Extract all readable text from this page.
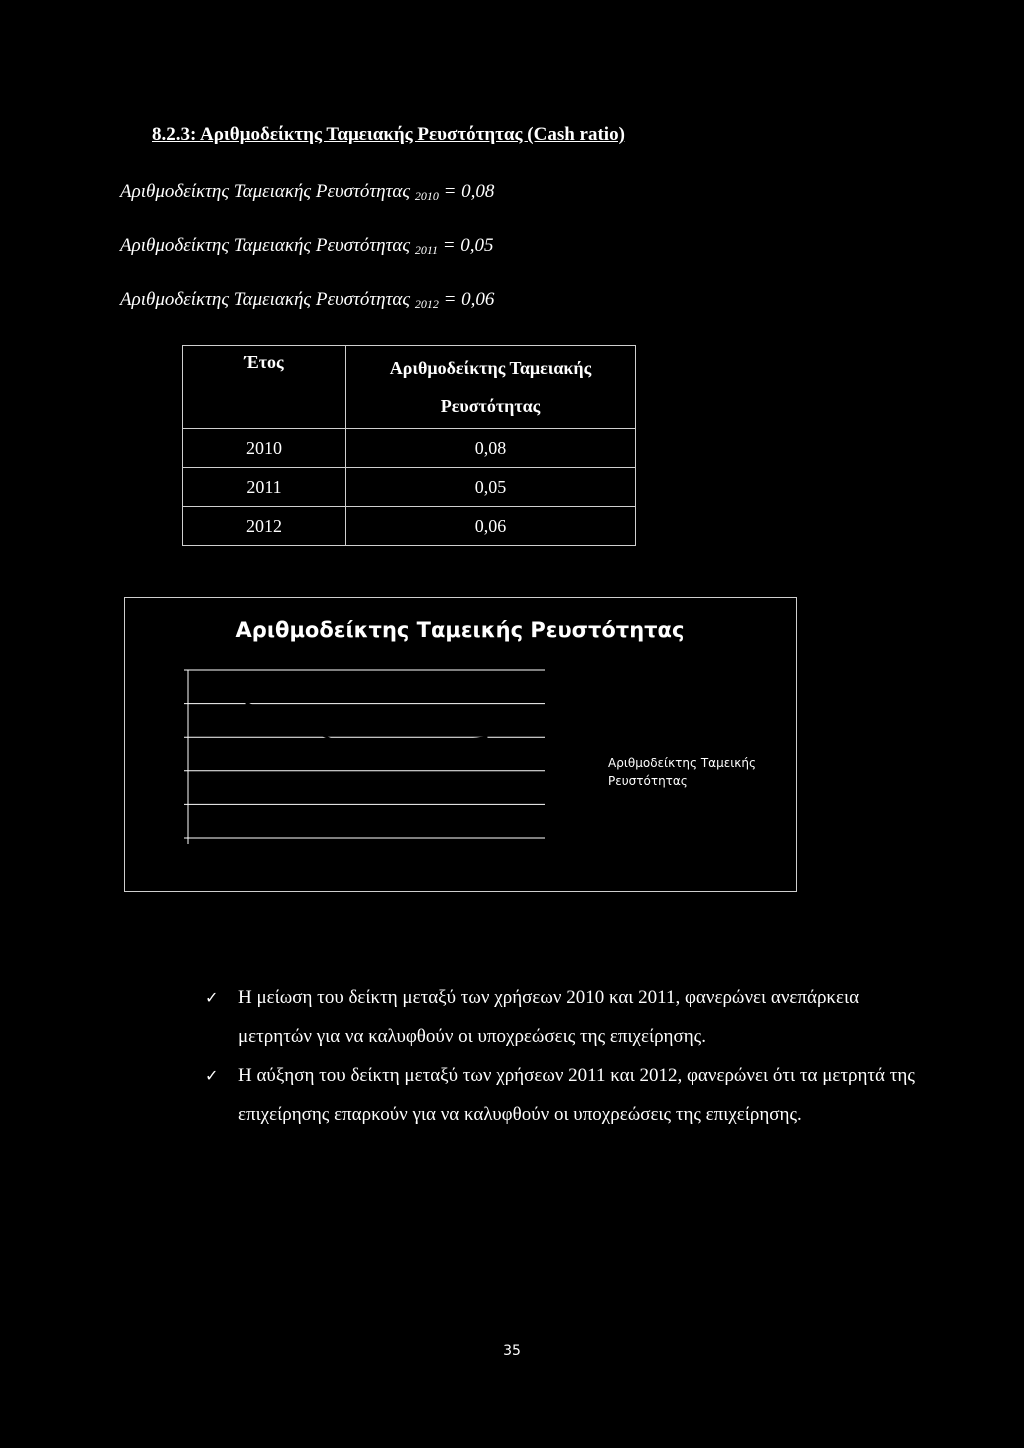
8.2.3: Αριθμοδείκτης Ταμειακής Ρευστότητας (Cash ratio)
Αριθμοδείκτης Ταμειακής Ρευστότητας $_{2010}$ = 0,08
Αριθμοδείκτης Ταμειακής Ρευστότητας $_{2011}$ = 0,05
Αριθμοδείκτης Ταμειακής Ρευστότητας $_{2012}$ = 0,06
Έτος	Αριθμοδείκτης Ταμειακής Ρευστότητας
2010	0,08
2011	0,05
2012	0,06
Αριθμοδείκτης Ταμεικής Ρευστότητας
Αριθμοδείκτης Ταμεικής Ρευστότητας
✓ Η μείωση του δείκτη μεταξύ των χρήσεων 2010 και 2011, φανερώνει ανεπάρκεια μετρητών για να καλυφθούν οι υποχρεώσεις της επιχείρησης.
✓ Η αύξηση του δείκτη μεταξύ των χρήσεων 2011 και 2012, φανερώνει ότι τα μετρητά της επιχείρησης επαρκούν για να καλυφθούν οι υποχρεώσεις της επιχείρησης.
35
